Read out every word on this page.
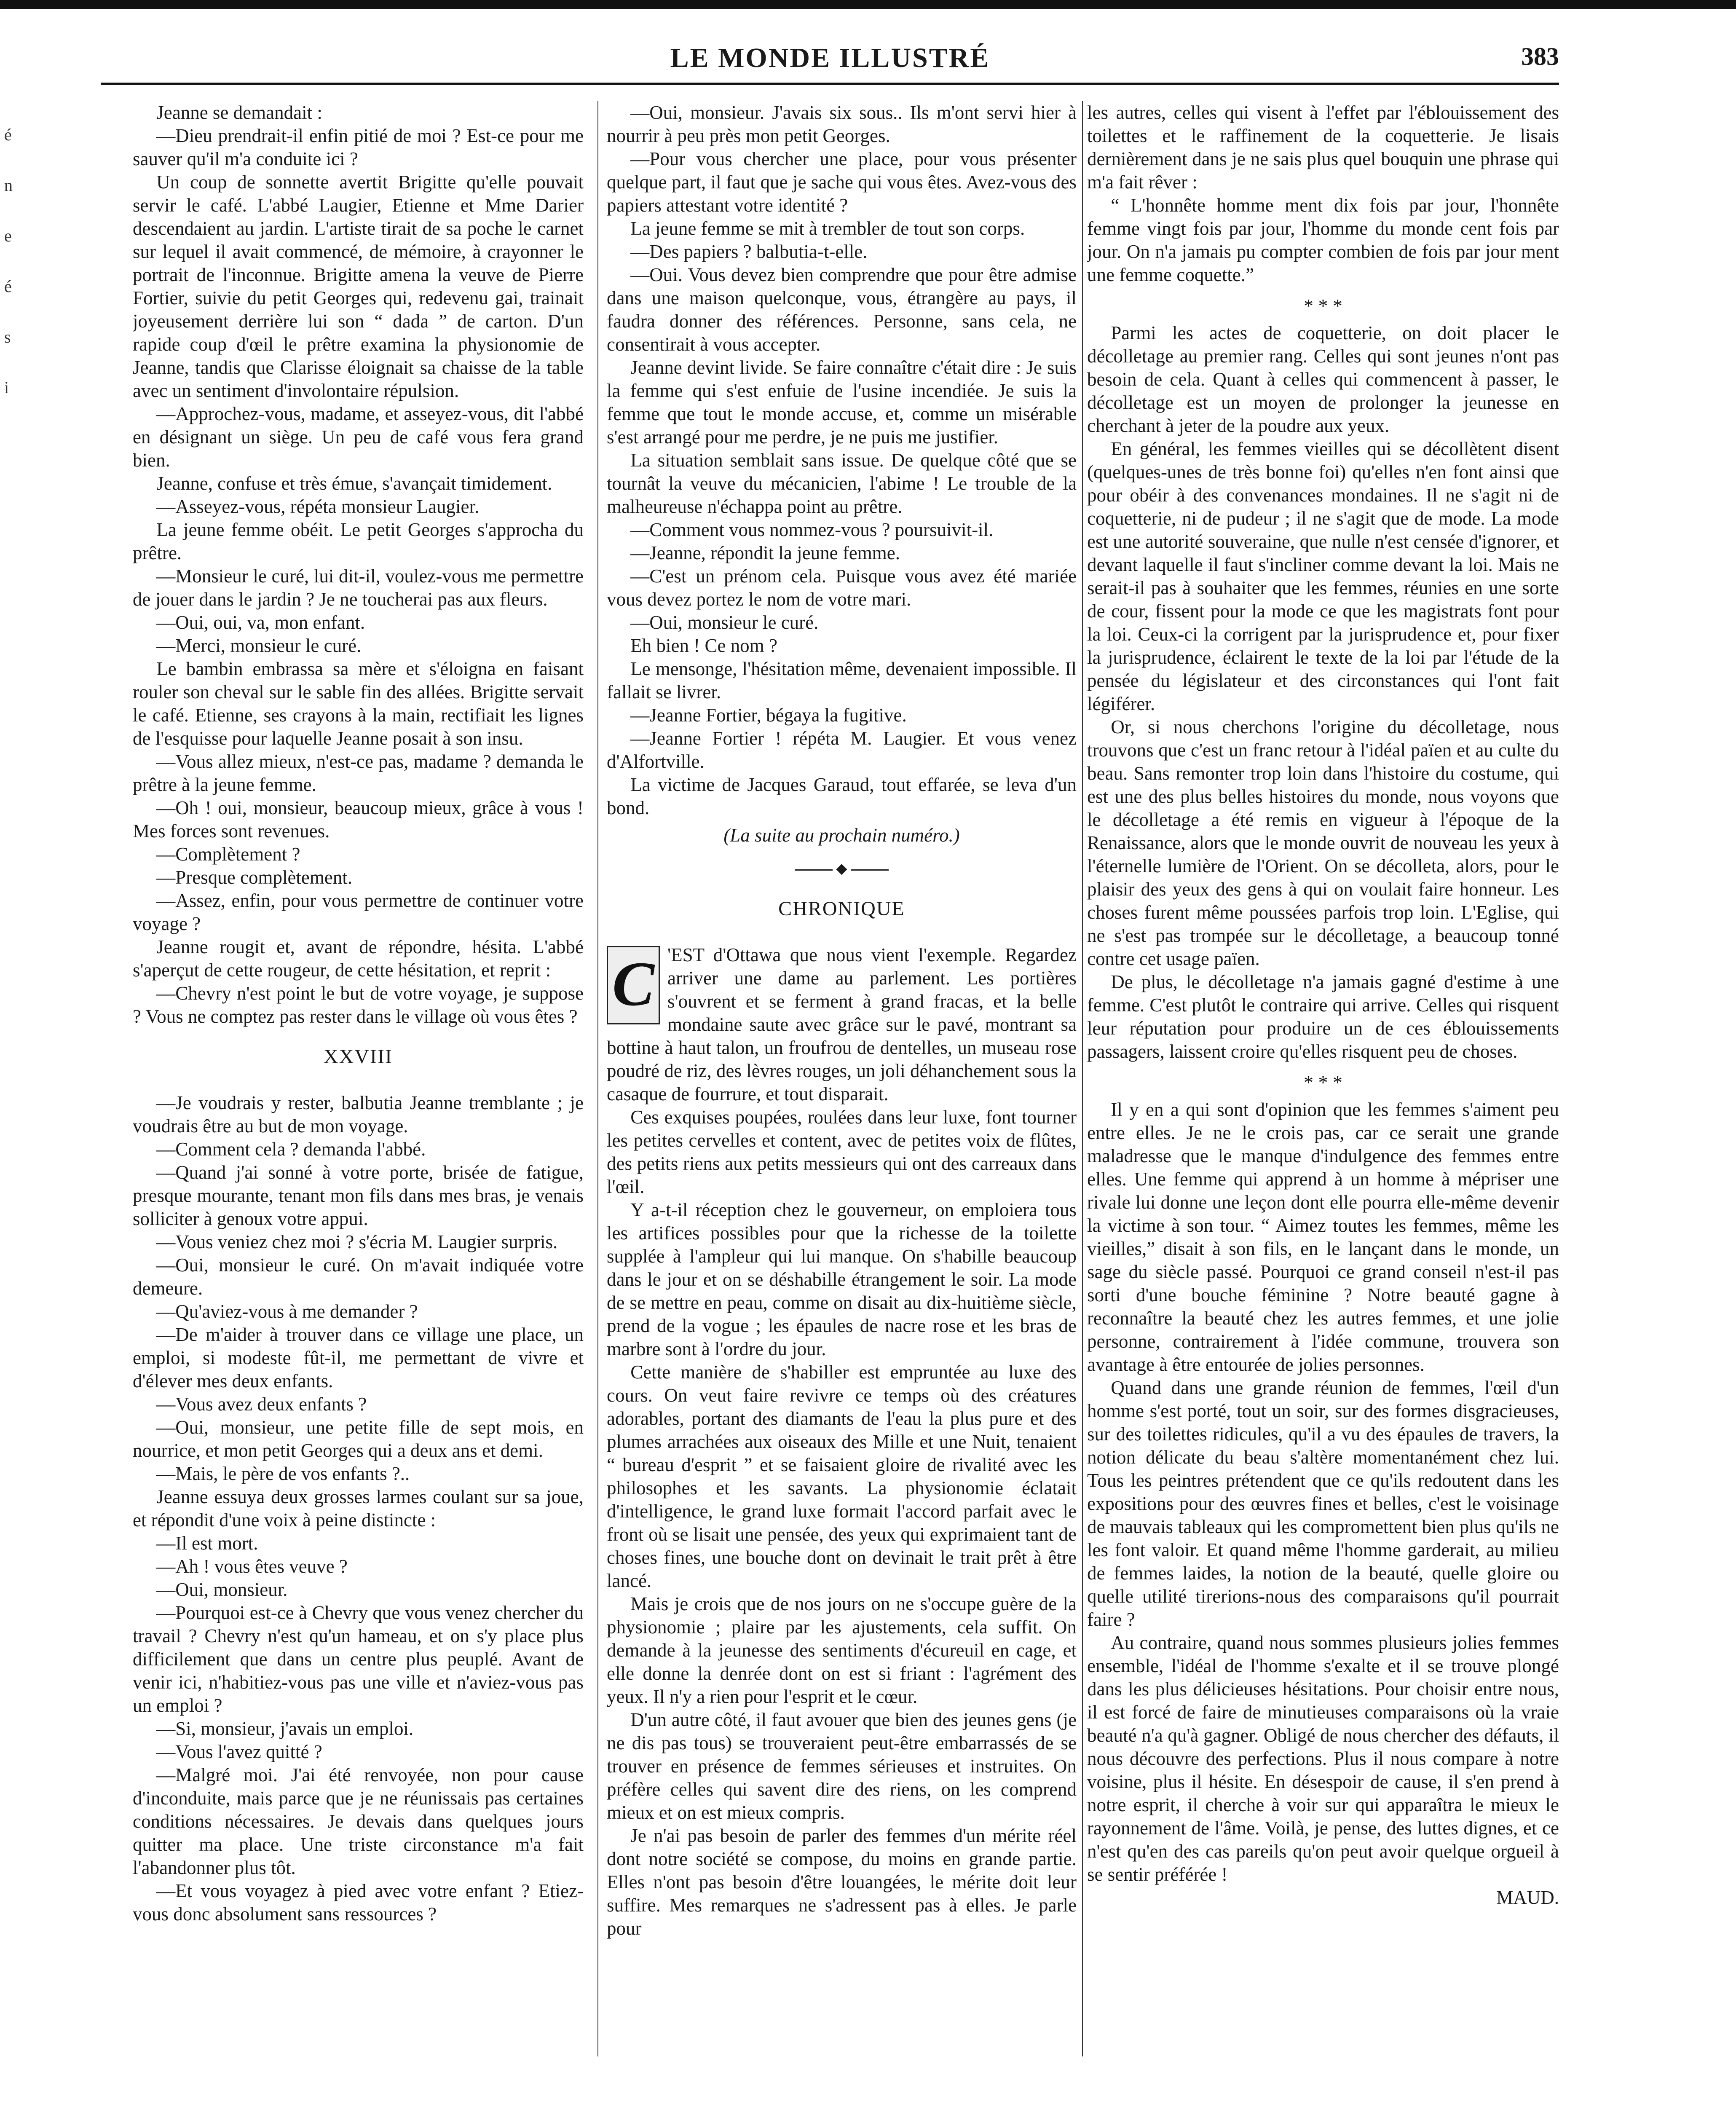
é
n
e
é
s
i
LE MONDE ILLUSTRÉ	383

Jeanne se demandait :

—Dieu prendrait-il enfin pitié de moi ? Est-ce pour me sauver qu'il m'a conduite ici ?

Un coup de sonnette avertit Brigitte qu'elle pouvait servir le café. L'abbé Laugier, Etienne et Mme Darier descendaient au jardin. L'artiste tirait de sa poche le carnet sur lequel il avait commencé, de mémoire, à crayonner le portrait de l'inconnue. Brigitte amena la veuve de Pierre Fortier, suivie du petit Georges qui, redevenu gai, trainait joyeusement derrière lui son “ dada ” de carton. D'un rapide coup d'œil le prêtre examina la physionomie de Jeanne, tandis que Clarisse éloignait sa chaisse de la table avec un sentiment d'involontaire répulsion.

—Approchez-vous, madame, et asseyez-vous, dit l'abbé en désignant un siège. Un peu de café vous fera grand bien.

Jeanne, confuse et très émue, s'avançait timidement.

—Asseyez-vous, répéta monsieur Laugier.

La jeune femme obéit. Le petit Georges s'approcha du prêtre.

—Monsieur le curé, lui dit-il, voulez-vous me permettre de jouer dans le jardin ? Je ne toucherai pas aux fleurs.

—Oui, oui, va, mon enfant.

—Merci, monsieur le curé.

Le bambin embrassa sa mère et s'éloigna en faisant rouler son cheval sur le sable fin des allées. Brigitte servait le café. Etienne, ses crayons à la main, rectifiait les lignes de l'esquisse pour laquelle Jeanne posait à son insu.

—Vous allez mieux, n'est-ce pas, madame ? demanda le prêtre à la jeune femme.

—Oh ! oui, monsieur, beaucoup mieux, grâce à vous ! Mes forces sont revenues.

—Complètement ?

—Presque complètement.

—Assez, enfin, pour vous permettre de continuer votre voyage ?

Jeanne rougit et, avant de répondre, hésita. L'abbé s'aperçut de cette rougeur, de cette hésitation, et reprit :

—Chevry n'est point le but de votre voyage, je suppose ? Vous ne comptez pas rester dans le village où vous êtes ?

XXVIII

—Je voudrais y rester, balbutia Jeanne tremblante ; je voudrais être au but de mon voyage.

—Comment cela ? demanda l'abbé.

—Quand j'ai sonné à votre porte, brisée de fatigue, presque mourante, tenant mon fils dans mes bras, je venais solliciter à genoux votre appui.

—Vous veniez chez moi ? s'écria M. Laugier surpris.

—Oui, monsieur le curé. On m'avait indiquée votre demeure.

—Qu'aviez-vous à me demander ?

—De m'aider à trouver dans ce village une place, un emploi, si modeste fût-il, me permettant de vivre et d'élever mes deux enfants.

—Vous avez deux enfants ?

—Oui, monsieur, une petite fille de sept mois, en nourrice, et mon petit Georges qui a deux ans et demi.

—Mais, le père de vos enfants ?..

Jeanne essuya deux grosses larmes coulant sur sa joue, et répondit d'une voix à peine distincte :

—Il est mort.

—Ah ! vous êtes veuve ?

—Oui, monsieur.

—Pourquoi est-ce à Chevry que vous venez chercher du travail ? Chevry n'est qu'un hameau, et on s'y place plus difficilement que dans un centre plus peuplé. Avant de venir ici, n'habitiez-vous pas une ville et n'aviez-vous pas un emploi ?

—Si, monsieur, j'avais un emploi.

—Vous l'avez quitté ?

—Malgré moi. J'ai été renvoyée, non pour cause d'inconduite, mais parce que je ne réunissais pas certaines conditions nécessaires. Je devais dans quelques jours quitter ma place. Une triste circonstance m'a fait l'abandonner plus tôt.

—Et vous voyagez à pied avec votre enfant ? Etiez-vous donc absolument sans ressources ?

—Oui, monsieur. J'avais six sous.. Ils m'ont servi hier à nourrir à peu près mon petit Georges.

—Pour vous chercher une place, pour vous présenter quelque part, il faut que je sache qui vous êtes. Avez-vous des papiers attestant votre identité ?

La jeune femme se mit à trembler de tout son corps.

—Des papiers ? balbutia-t-elle.

—Oui. Vous devez bien comprendre que pour être admise dans une maison quelconque, vous, étrangère au pays, il faudra donner des références. Personne, sans cela, ne consentirait à vous accepter.

Jeanne devint livide. Se faire connaître c'était dire : Je suis la femme qui s'est enfuie de l'usine incendiée. Je suis la femme que tout le monde accuse, et, comme un misérable s'est arrangé pour me perdre, je ne puis me justifier.

La situation semblait sans issue. De quelque côté que se tournât la veuve du mécanicien, l'abime ! Le trouble de la malheureuse n'échappa point au prêtre.

—Comment vous nommez-vous ? poursuivit-il.

—Jeanne, répondit la jeune femme.

—C'est un prénom cela. Puisque vous avez été mariée vous devez portez le nom de votre mari.

—Oui, monsieur le curé.

Eh bien ! Ce nom ?

Le mensonge, l'hésitation même, devenaient impossible. Il fallait se livrer.

—Jeanne Fortier, bégaya la fugitive.

—Jeanne Fortier ! répéta M. Laugier. Et vous venez d'Alfortville.

La victime de Jacques Garaud, tout effarée, se leva d'un bond.

(La suite au prochain numéro.)

◆

CHRONIQUE

C 'EST d'Ottawa que nous vient l'exemple. Regardez arriver une dame au parlement. Les portières s'ouvrent et se ferment à grand fracas, et la belle mondaine saute avec grâce sur le pavé, montrant sa bottine à haut talon, un froufrou de dentelles, un museau rose poudré de riz, des lèvres rouges, un joli déhanchement sous la casaque de fourrure, et tout disparait.

Ces exquises poupées, roulées dans leur luxe, font tourner les petites cervelles et content, avec de petites voix de flûtes, des petits riens aux petits messieurs qui ont des carreaux dans l'œil.

Y a-t-il réception chez le gouverneur, on emploiera tous les artifices possibles pour que la richesse de la toilette supplée à l'ampleur qui lui manque. On s'habille beaucoup dans le jour et on se déshabille étrangement le soir. La mode de se mettre en peau, comme on disait au dix-huitième siècle, prend de la vogue ; les épaules de nacre rose et les bras de marbre sont à l'ordre du jour.

Cette manière de s'habiller est empruntée au luxe des cours. On veut faire revivre ce temps où des créatures adorables, portant des diamants de l'eau la plus pure et des plumes arrachées aux oiseaux des Mille et une Nuit, tenaient “ bureau d'esprit ” et se faisaient gloire de rivalité avec les philosophes et les savants. La physionomie éclatait d'intelligence, le grand luxe formait l'accord parfait avec le front où se lisait une pensée, des yeux qui exprimaient tant de choses fines, une bouche dont on devinait le trait prêt à être lancé.

Mais je crois que de nos jours on ne s'occupe guère de la physionomie ; plaire par les ajustements, cela suffit. On demande à la jeunesse des sentiments d'écureuil en cage, et elle donne la denrée dont on est si friant : l'agrément des yeux. Il n'y a rien pour l'esprit et le cœur.

D'un autre côté, il faut avouer que bien des jeunes gens (je ne dis pas tous) se trouveraient peut-être embarrassés de se trouver en présence de femmes sérieuses et instruites. On préfère celles qui savent dire des riens, on les comprend mieux et on est mieux compris.

Je n'ai pas besoin de parler des femmes d'un mérite réel dont notre société se compose, du moins en grande partie. Elles n'ont pas besoin d'être louangées, le mérite doit leur suffire. Mes remarques ne s'adressent pas à elles. Je parle pour

les autres, celles qui visent à l'effet par l'éblouissement des toilettes et le raffinement de la coquetterie. Je lisais dernièrement dans je ne sais plus quel bouquin une phrase qui m'a fait rêver :

“ L'honnête homme ment dix fois par jour, l'honnête femme vingt fois par jour, l'homme du monde cent fois par jour. On n'a jamais pu compter combien de fois par jour ment une femme coquette.”

* * *

Parmi les actes de coquetterie, on doit placer le décolletage au premier rang. Celles qui sont jeunes n'ont pas besoin de cela. Quant à celles qui commencent à passer, le décolletage est un moyen de prolonger la jeunesse en cherchant à jeter de la poudre aux yeux.

En général, les femmes vieilles qui se décollètent disent (quelques-unes de très bonne foi) qu'elles n'en font ainsi que pour obéir à des convenances mondaines. Il ne s'agit ni de coquetterie, ni de pudeur ; il ne s'agit que de mode. La mode est une autorité souveraine, que nulle n'est censée d'ignorer, et devant laquelle il faut s'incliner comme devant la loi. Mais ne serait-il pas à souhaiter que les femmes, réunies en une sorte de cour, fissent pour la mode ce que les magistrats font pour la loi. Ceux-ci la corrigent par la jurisprudence et, pour fixer la jurisprudence, éclairent le texte de la loi par l'étude de la pensée du législateur et des circonstances qui l'ont fait légiférer.

Or, si nous cherchons l'origine du décolletage, nous trouvons que c'est un franc retour à l'idéal païen et au culte du beau. Sans remonter trop loin dans l'histoire du costume, qui est une des plus belles histoires du monde, nous voyons que le décolletage a été remis en vigueur à l'époque de la Renaissance, alors que le monde ouvrit de nouveau les yeux à l'éternelle lumière de l'Orient. On se décolleta, alors, pour le plaisir des yeux des gens à qui on voulait faire honneur. Les choses furent même poussées parfois trop loin. L'Eglise, qui ne s'est pas trompée sur le décolletage, a beaucoup tonné contre cet usage païen.

De plus, le décolletage n'a jamais gagné d'estime à une femme. C'est plutôt le contraire qui arrive. Celles qui risquent leur réputation pour produire un de ces éblouissements passagers, laissent croire qu'elles risquent peu de choses.

* * *

Il y en a qui sont d'opinion que les femmes s'aiment peu entre elles. Je ne le crois pas, car ce serait une grande maladresse que le manque d'indulgence des femmes entre elles. Une femme qui apprend à un homme à mépriser une rivale lui donne une leçon dont elle pourra elle-même devenir la victime à son tour. “ Aimez toutes les femmes, même les vieilles,” disait à son fils, en le lançant dans le monde, un sage du siècle passé. Pourquoi ce grand conseil n'est-il pas sorti d'une bouche féminine ? Notre beauté gagne à reconnaître la beauté chez les autres femmes, et une jolie personne, contrairement à l'idée commune, trouvera son avantage à être entourée de jolies personnes.

Quand dans une grande réunion de femmes, l'œil d'un homme s'est porté, tout un soir, sur des formes disgracieuses, sur des toilettes ridicules, qu'il a vu des épaules de travers, la notion délicate du beau s'altère momentanément chez lui. Tous les peintres prétendent que ce qu'ils redoutent dans les expositions pour des œuvres fines et belles, c'est le voisinage de mauvais tableaux qui les compromettent bien plus qu'ils ne les font valoir. Et quand même l'homme garderait, au milieu de femmes laides, la notion de la beauté, quelle gloire ou quelle utilité tirerions-nous des comparaisons qu'il pourrait faire ?

Au contraire, quand nous sommes plusieurs jolies femmes ensemble, l'idéal de l'homme s'exalte et il se trouve plongé dans les plus délicieuses hésitations. Pour choisir entre nous, il est forcé de faire de minutieuses comparaisons où la vraie beauté n'a qu'à gagner. Obligé de nous chercher des défauts, il nous découvre des perfections. Plus il nous compare à notre voisine, plus il hésite. En désespoir de cause, il s'en prend à notre esprit, il cherche à voir sur qui apparaîtra le mieux le rayonnement de l'âme. Voilà, je pense, des luttes dignes, et ce n'est qu'en des cas pareils qu'on peut avoir quelque orgueil à se sentir préférée !

MAUD.
